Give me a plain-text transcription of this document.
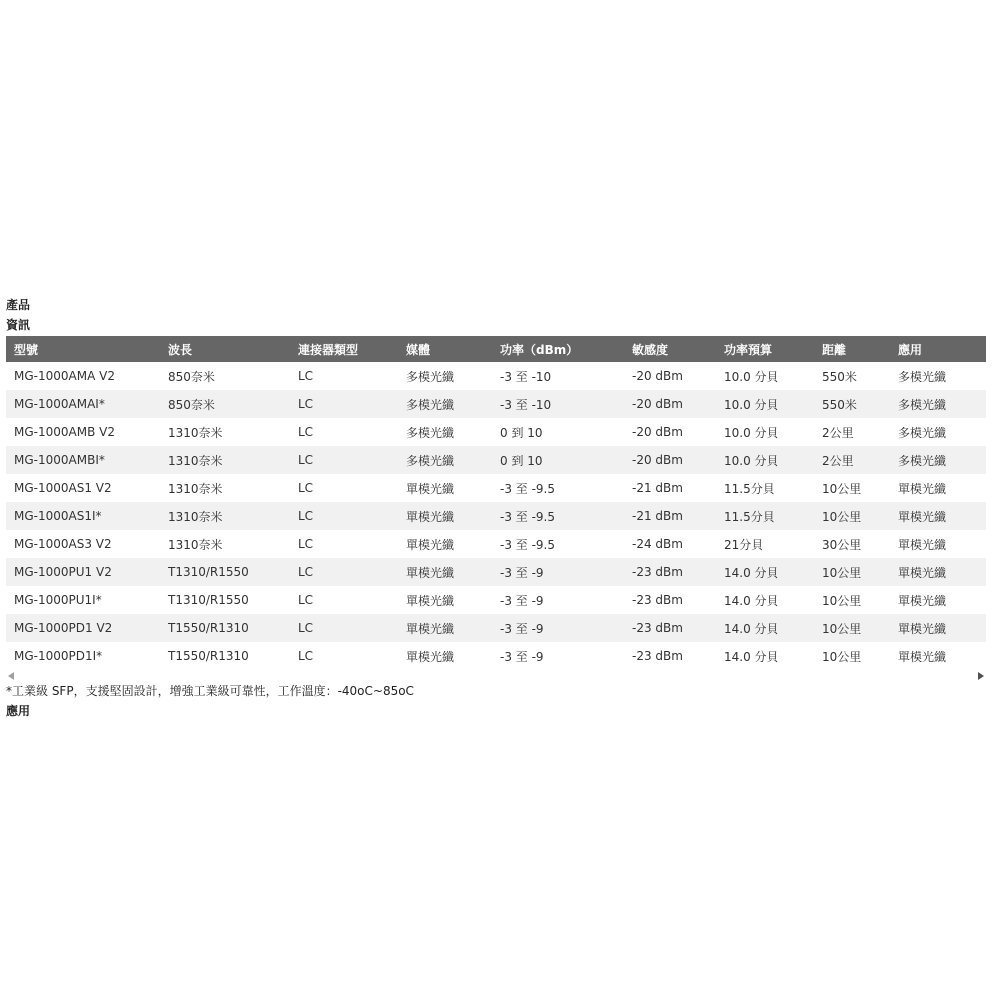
產品

資訊

型號	波長	連接器類型	媒體	功率（dBm）	敏感度	功率預算	距離	應用
MG-1000AMA V2	850奈米	LC	多模光纖	-3 至 -10	-20 dBm	10.0 分貝	550米	多模光纖
MG-1000AMAI*	850奈米	LC	多模光纖	-3 至 -10	-20 dBm	10.0 分貝	550米	多模光纖
MG-1000AMB V2	1310奈米	LC	多模光纖	0 到 10	-20 dBm	10.0 分貝	2公里	多模光纖
MG-1000AMBI*	1310奈米	LC	多模光纖	0 到 10	-20 dBm	10.0 分貝	2公里	多模光纖
MG-1000AS1 V2	1310奈米	LC	單模光纖	-3 至 -9.5	-21 dBm	11.5分貝	10公里	單模光纖
MG-1000AS1I*	1310奈米	LC	單模光纖	-3 至 -9.5	-21 dBm	11.5分貝	10公里	單模光纖
MG-1000AS3 V2	1310奈米	LC	單模光纖	-3 至 -9.5	-24 dBm	21分貝	30公里	單模光纖
MG-1000PU1 V2	T1310/R1550	LC	單模光纖	-3 至 -9	-23 dBm	14.0 分貝	10公里	單模光纖
MG-1000PU1I*	T1310/R1550	LC	單模光纖	-3 至 -9	-23 dBm	14.0 分貝	10公里	單模光纖
MG-1000PD1 V2	T1550/R1310	LC	單模光纖	-3 至 -9	-23 dBm	14.0 分貝	10公里	單模光纖
MG-1000PD1I*	T1550/R1310	LC	單模光纖	-3 至 -9	-23 dBm	14.0 分貝	10公里	單模光纖

*工業級 SFP，支援堅固設計，增強工業級可靠性，工作溫度：-40oC~85oC

應用
